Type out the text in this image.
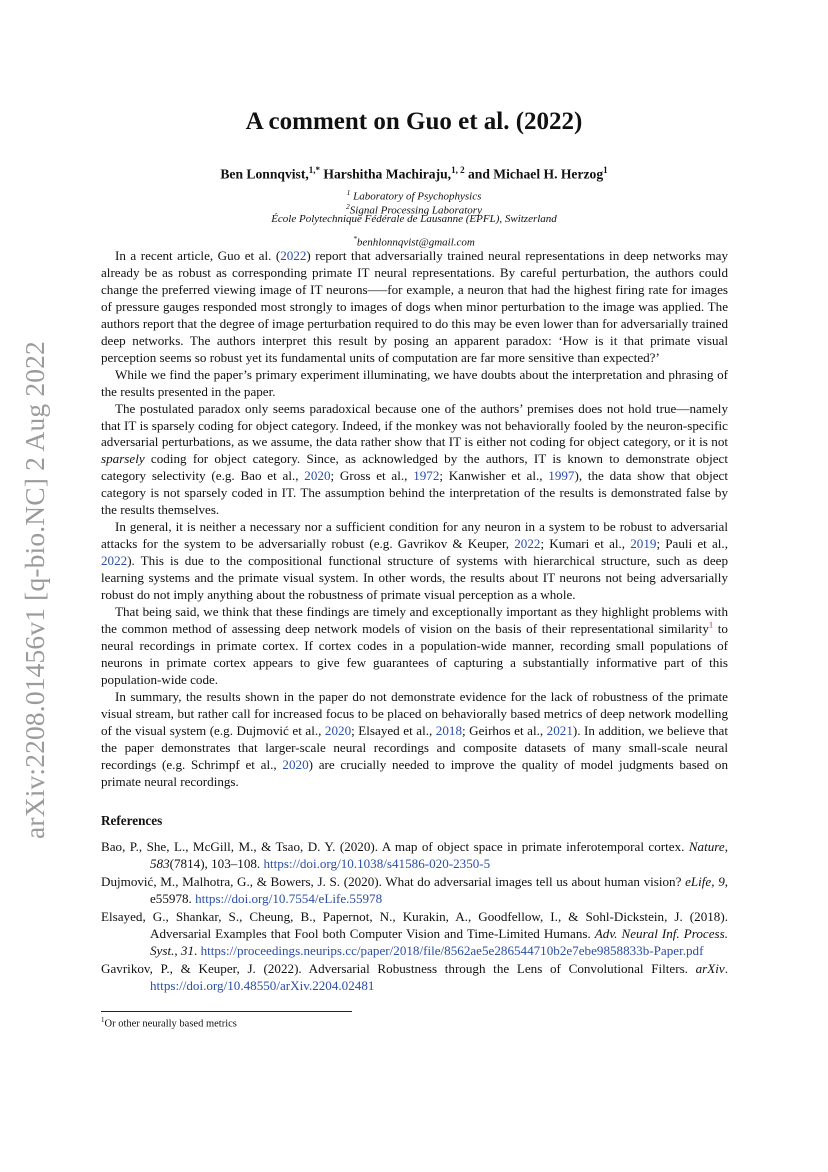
arXiv:2208.01456v1 [q-bio.NC] 2 Aug 2022
A comment on Guo et al. (2022)
Ben Lonnqvist,$^{1,*}$ Harshitha Machiraju,$^{1, 2}$ and Michael H. Herzog$^1$
$^1$ Laboratory of Psychophysics
$^2$Signal Processing Laboratory
École Polytechnique Fédérale de Lausanne (EPFL), Switzerland
*benhlonnqvist@gmail.com

In a recent article, Guo et al. (2022) report that adversarially trained neural representations in deep networks may already be as robust as corresponding primate IT neural representations. By careful perturbation, the authors could change the preferred viewing image of IT neurons—–for example, a neuron that had the highest firing rate for images of pressure gauges responded most strongly to images of dogs when minor perturbation to the image was applied. The authors report that the degree of image perturbation required to do this may be even lower than for adversarially trained deep networks. The authors interpret this result by posing an apparent paradox: ‘How is it that primate visual perception seems so robust yet its fundamental units of computation are far more sensitive than expected?’

While we find the paper’s primary experiment illuminating, we have doubts about the interpretation and phrasing of the results presented in the paper.

The postulated paradox only seems paradoxical because one of the authors’ premises does not hold true—namely that IT is sparsely coding for object category. Indeed, if the monkey was not behaviorally fooled by the neuron-specific adversarial perturbations, as we assume, the data rather show that IT is either not coding for object category, or it is not sparsely coding for object category. Since, as acknowledged by the authors, IT is known to demonstrate object category selectivity (e.g. Bao et al., 2020; Gross et al., 1972; Kanwisher et al., 1997), the data show that object category is not sparsely coded in IT. The assumption behind the interpretation of the results is demonstrated false by the results themselves.

In general, it is neither a necessary nor a sufficient condition for any neuron in a system to be robust to adversarial attacks for the system to be adversarially robust (e.g. Gavrikov & Keuper, 2022; Kumari et al., 2019; Pauli et al., 2022). This is due to the compositional functional structure of systems with hierarchical structure, such as deep learning systems and the primate visual system. In other words, the results about IT neurons not being adversarially robust do not imply anything about the robustness of primate visual perception as a whole.

That being said, we think that these findings are timely and exceptionally important as they highlight problems with the common method of assessing deep network models of vision on the basis of their representational similarity$^1$ to neural recordings in primate cortex. If cortex codes in a population-wide manner, recording small populations of neurons in primate cortex appears to give few guarantees of capturing a substantially informative part of this population-wide code.

In summary, the results shown in the paper do not demonstrate evidence for the lack of robustness of the primate visual stream, but rather call for increased focus to be placed on behaviorally based metrics of deep network modelling of the visual system (e.g. Dujmović et al., 2020; Elsayed et al., 2018; Geirhos et al., 2021). In addition, we believe that the paper demonstrates that larger-scale neural recordings and composite datasets of many small-scale neural recordings (e.g. Schrimpf et al., 2020) are crucially needed to improve the quality of model judgments based on primate neural recordings.

References
Bao, P., She, L., McGill, M., & Tsao, D. Y. (2020). A map of object space in primate inferotemporal cortex. Nature, 583(7814), 103–108. https://doi.org/10.1038/s41586-020-2350-5
Dujmović, M., Malhotra, G., & Bowers, J. S. (2020). What do adversarial images tell us about human vision? eLife, 9, e55978. https://doi.org/10.7554/eLife.55978
Elsayed, G., Shankar, S., Cheung, B., Papernot, N., Kurakin, A., Goodfellow, I., & Sohl-Dickstein, J. (2018). Adversarial Examples that Fool both Computer Vision and Time-Limited Humans. Adv. Neural Inf. Process. Syst., 31. https://proceedings.neurips.cc/paper/2018/file/8562ae5e286544710b2e7ebe9858833b-Paper.pdf
Gavrikov, P., & Keuper, J. (2022). Adversarial Robustness through the Lens of Convolutional Filters. arXiv. https://doi.org/10.48550/arXiv.2204.02481
$^1$Or other neurally based metrics
